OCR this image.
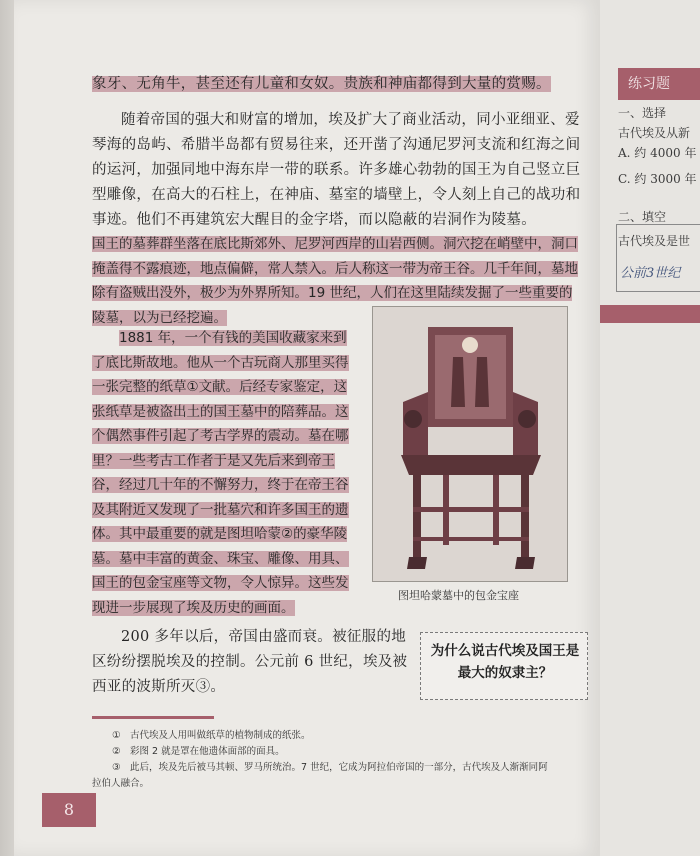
练习题
一、选择
古代埃及从新
A. 约 4000 年
C. 约 3000 年
二、填空
古代埃及是世
公前3世纪
象牙、无角牛，甚至还有儿童和女奴。贵族和神庙都得到大量的赏赐。
随着帝国的强大和财富的增加，埃及扩大了商业活动，同小亚细亚、爱琴海的岛屿、希腊半岛都有贸易往来，还开凿了沟通尼罗河支流和红海之间的运河，加强同地中海东岸一带的联系。许多雄心勃勃的国王为自己竖立巨型雕像，在高大的石柱上，在神庙、墓室的墙壁上，令人刻上自己的战功和事迹。他们不再建筑宏大醒目的金字塔，而以隐蔽的岩洞作为陵墓。
国王的墓葬群坐落在底比斯郊外、尼罗河西岸的山岩西侧。洞穴挖在峭壁中，洞口掩盖得不露痕迹，地点偏僻，常人禁入。后人称这一带为帝王谷。几千年间，墓地除有盗贼出没外，极少为外界所知。19 世纪，人们在这里陆续发掘了一些重要的陵墓，以为已经挖遍。
1881 年，一个有钱的美国收藏家来到了底比斯故地。他从一个古玩商人那里买得一张完整的纸草①文献。后经专家鉴定，这张纸草是被盗出土的国王墓中的陪葬品。这个偶然事件引起了考古学界的震动。墓在哪里？一些考古工作者于是又先后来到帝王谷，经过几十年的不懈努力，终于在帝王谷及其附近又发现了一批墓穴和许多国王的遗体。其中最重要的就是图坦哈蒙②的豪华陵墓。墓中丰富的黄金、珠宝、雕像、用具、国王的包金宝座等文物，令人惊异。这些发现进一步展现了埃及历史的画面。
图坦哈蒙墓中的包金宝座
200 多年以后，帝国由盛而衰。被征服的地区纷纷摆脱埃及的控制。公元前 6 世纪，埃及被西亚的波斯所灭③。
为什么说古代埃及国王是最大的奴隶主？
①　古代埃及人用叫做纸草的植物制成的纸张。
②　彩图 2 就是罩在他遗体面部的面具。
③　此后，埃及先后被马其顿、罗马所统治。7 世纪，它成为阿拉伯帝国的一部分，古代埃及人渐渐同阿
拉伯人融合。
8
